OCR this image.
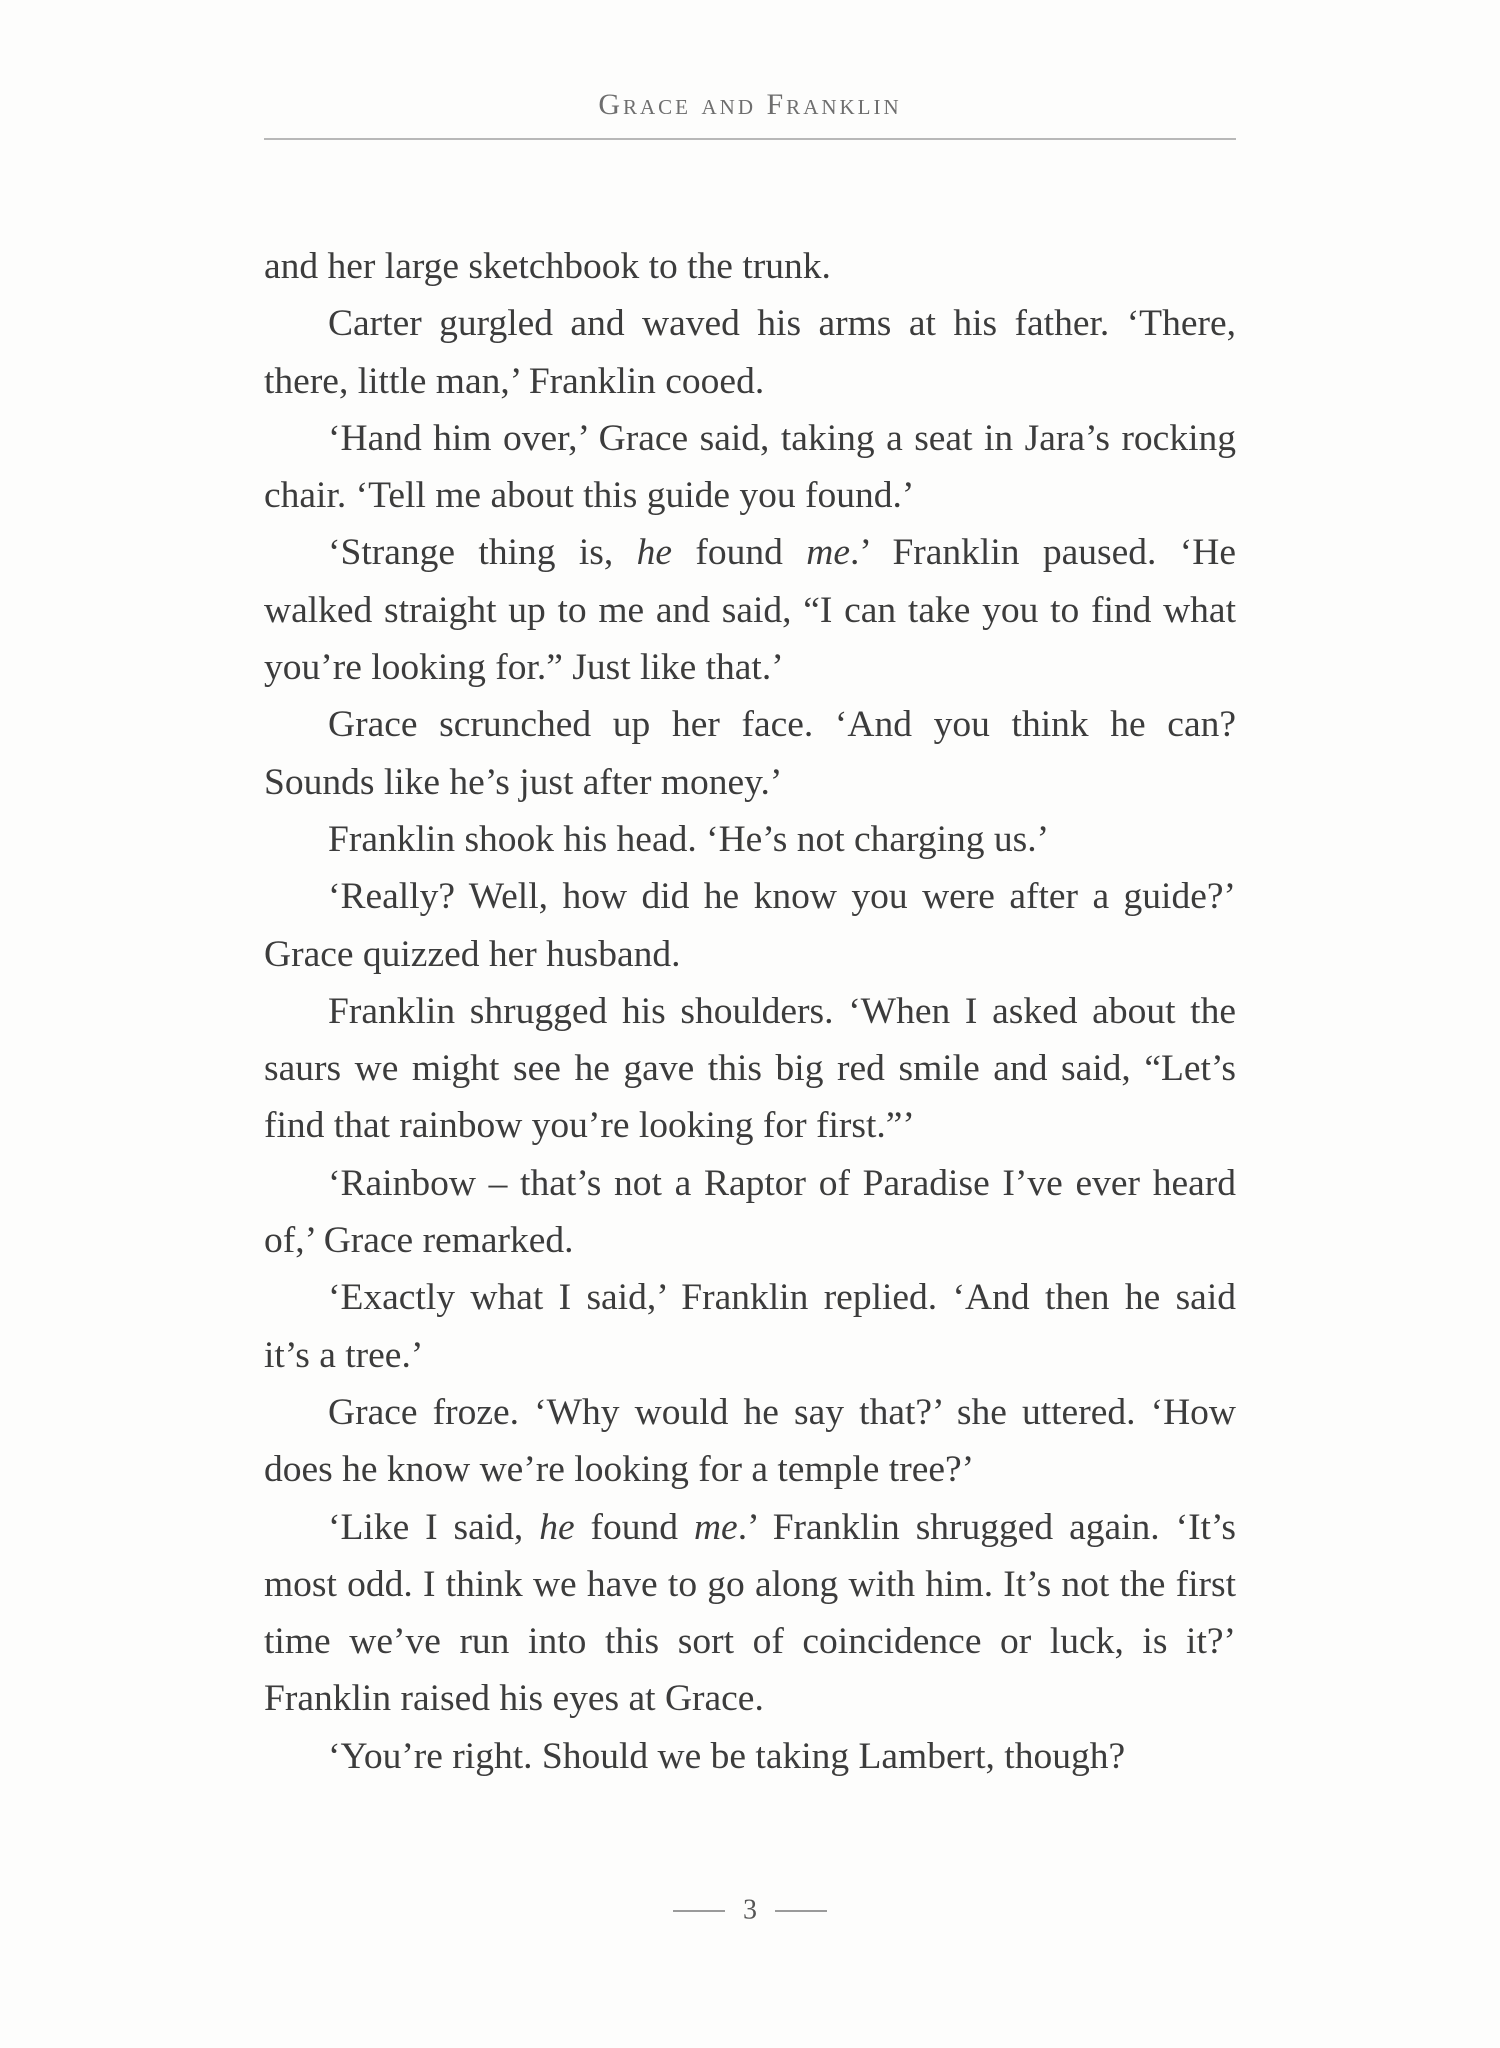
Grace and Franklin

and her large sketchbook to the trunk.

Carter gurgled and waved his arms at his father. ‘There, there, little man,’ Franklin cooed.

‘Hand him over,’ Grace said, taking a seat in Jara’s rocking chair. ‘Tell me about this guide you found.’

‘Strange thing is, he found me.’ Franklin paused. ‘He walked straight up to me and said, “I can take you to find what you’re looking for.” Just like that.’

Grace scrunched up her face. ‘And you think he can? Sounds like he’s just after money.’

Franklin shook his head. ‘He’s not charging us.’

‘Really? Well, how did he know you were after a guide?’ Grace quizzed her husband.

Franklin shrugged his shoulders. ‘When I asked about the saurs we might see he gave this big red smile and said, “Let’s find that rainbow you’re looking for first.”’

‘Rainbow – that’s not a Raptor of Paradise I’ve ever heard of,’ Grace remarked.

‘Exactly what I said,’ Franklin replied. ‘And then he said it’s a tree.’

Grace froze. ‘Why would he say that?’ she uttered. ‘How does he know we’re looking for a temple tree?’

‘Like I said, he found me.’ Franklin shrugged again. ‘It’s most odd. I think we have to go along with him. It’s not the first time we’ve run into this sort of coincidence or luck, is it?’ Franklin raised his eyes at Grace.

‘You’re right. Should we be taking Lambert, though?

3
